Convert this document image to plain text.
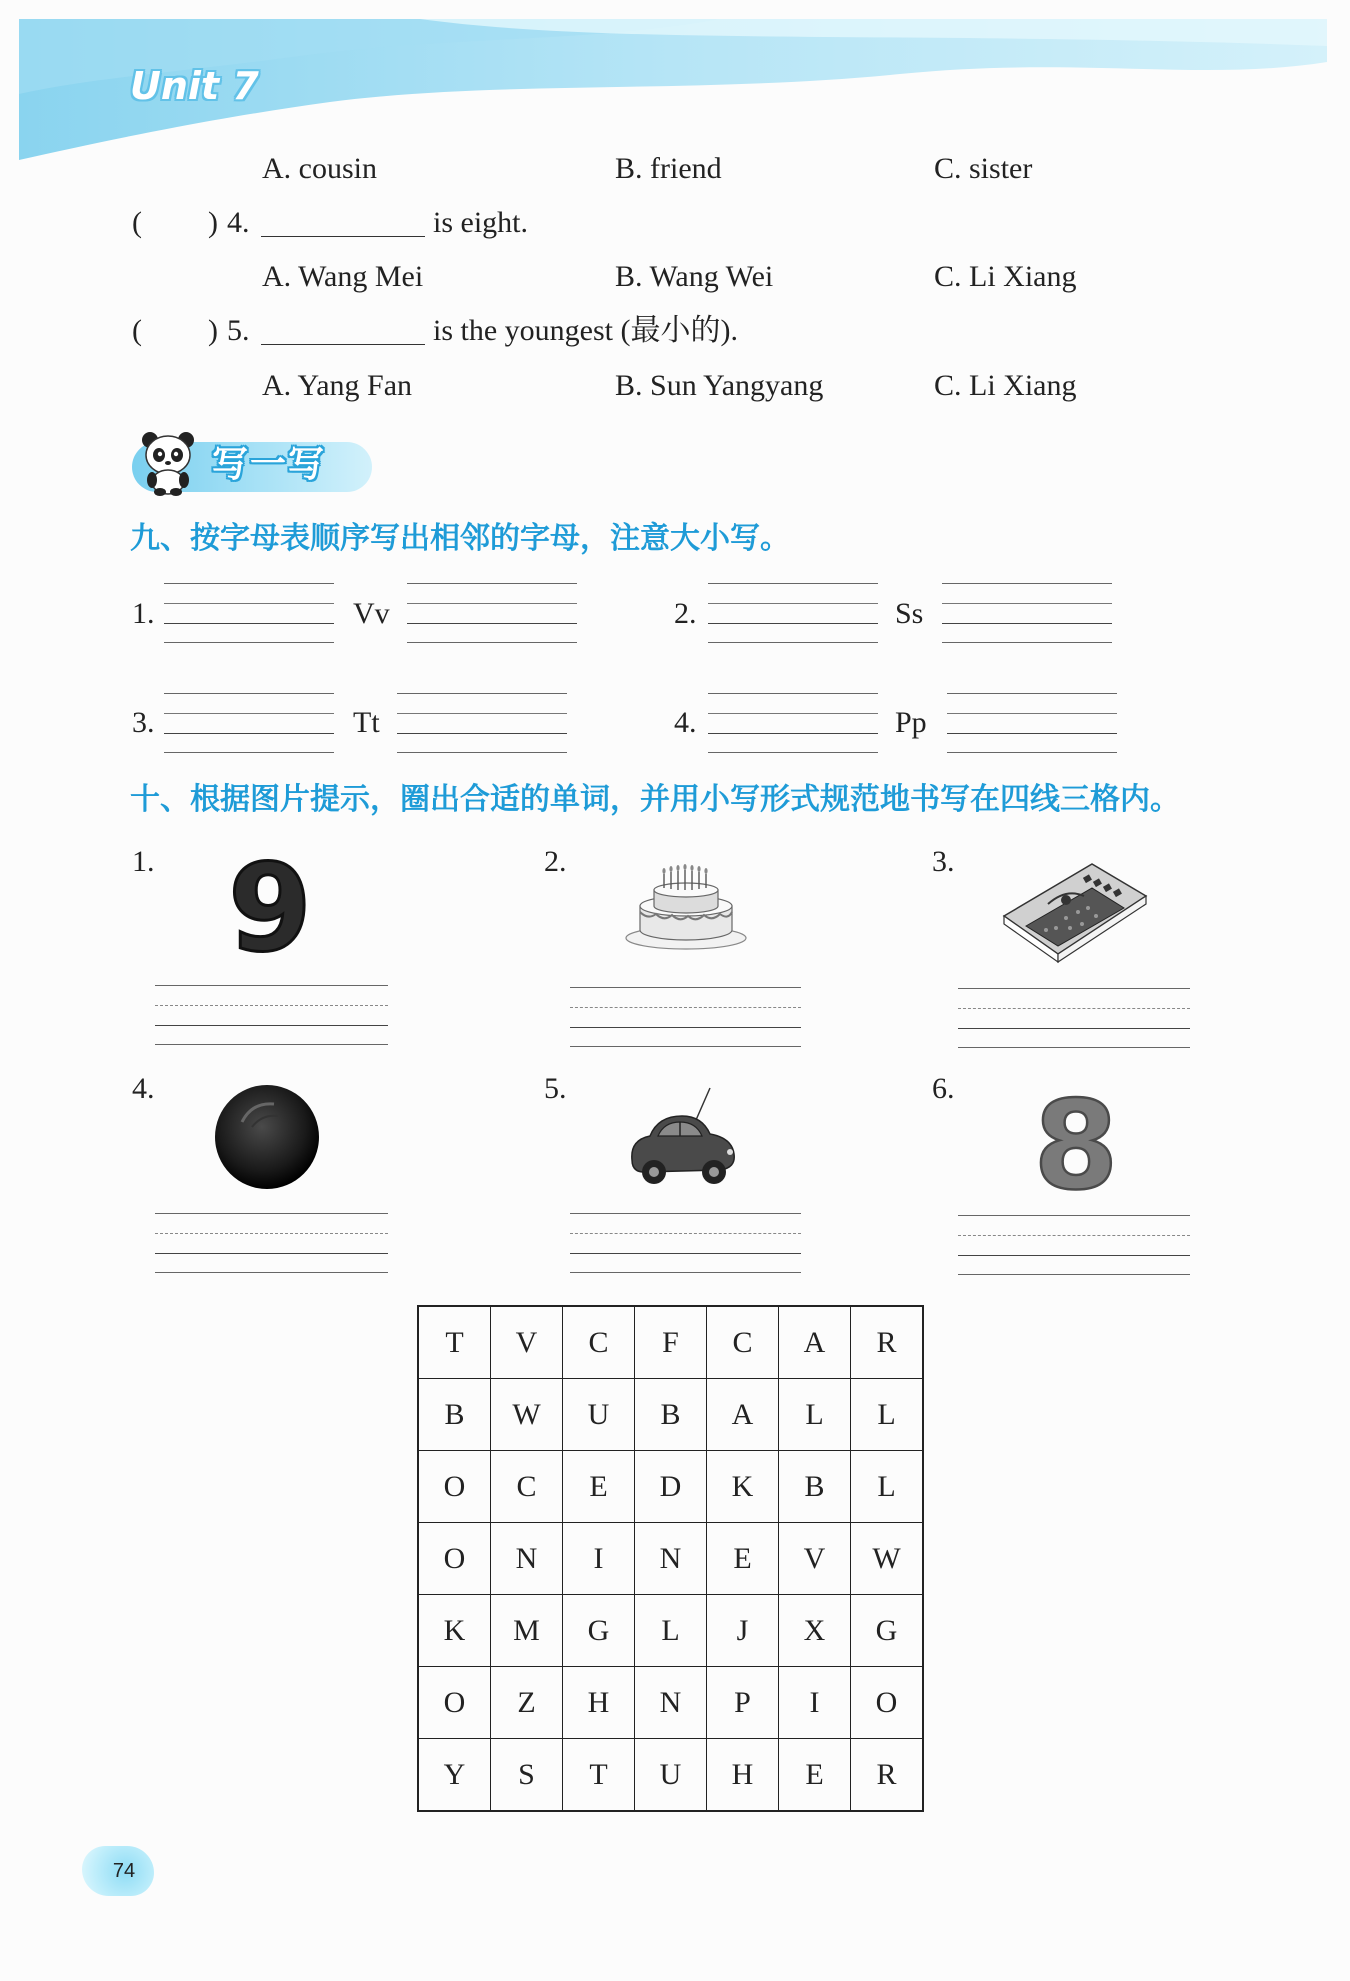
Unit 7
A. cousin	B. friend	C. sister
( ) 4.	is eight.
A. Wang Mei	B. Wang Wei	C. Li Xiang
( ) 5.	is the youngest (最小的).
A. Yang Fan	B. Sun Yangyang	C. Li Xiang
写一写
九、按字母表顺序写出相邻的字母，注意大小写。
1.	Vv	2.	Ss
3.	Tt	4.	Pp
十、根据图片提示，圈出合适的单词，并用小写形式规范地书写在四线三格内。
1. 9	2.	3.
4.	5.	6. 8
T	V	C	F	C	A	R
B	W	U	B	A	L	L
O	C	E	D	K	B	L
O	N	I	N	E	V	W
K	M	G	L	J	X	G
O	Z	H	N	P	I	O
Y	S	T	U	H	E	R
74
